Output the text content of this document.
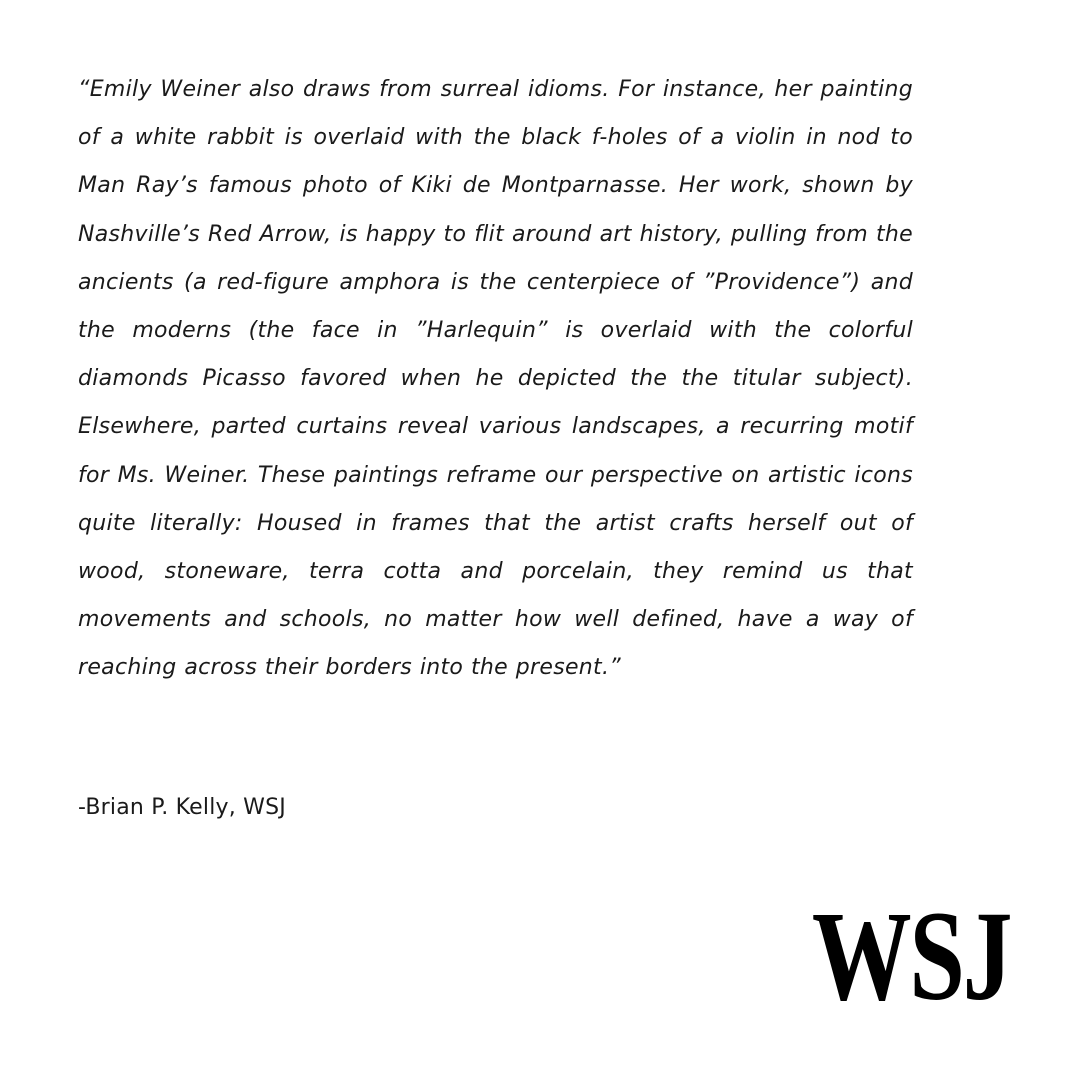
“Emily Weiner also draws from surreal idioms. For instance, her painting of a white rabbit is overlaid with the black f-holes of a violin in nod to Man Ray’s famous photo of Kiki de Montparnasse. Her work, shown by Nashville’s Red Arrow, is happy to flit around art history, pulling from the ancients (a red-figure amphora is the centerpiece of ”Providence”) and the moderns (the face in ”Harlequin” is overlaid with the colorful diamonds Picasso favored when he depicted the the titular subject). Elsewhere, parted curtains reveal various landscapes, a recurring motif for Ms. Weiner. These paintings reframe our perspective on artistic icons quite literally: Housed in frames that the artist crafts herself out of wood, stoneware, terra cotta and porcelain, they remind us that movements and schools, no matter how well defined, have a way of reaching across their borders into the present.”

-Brian P. Kelly, WSJ

WSJ
